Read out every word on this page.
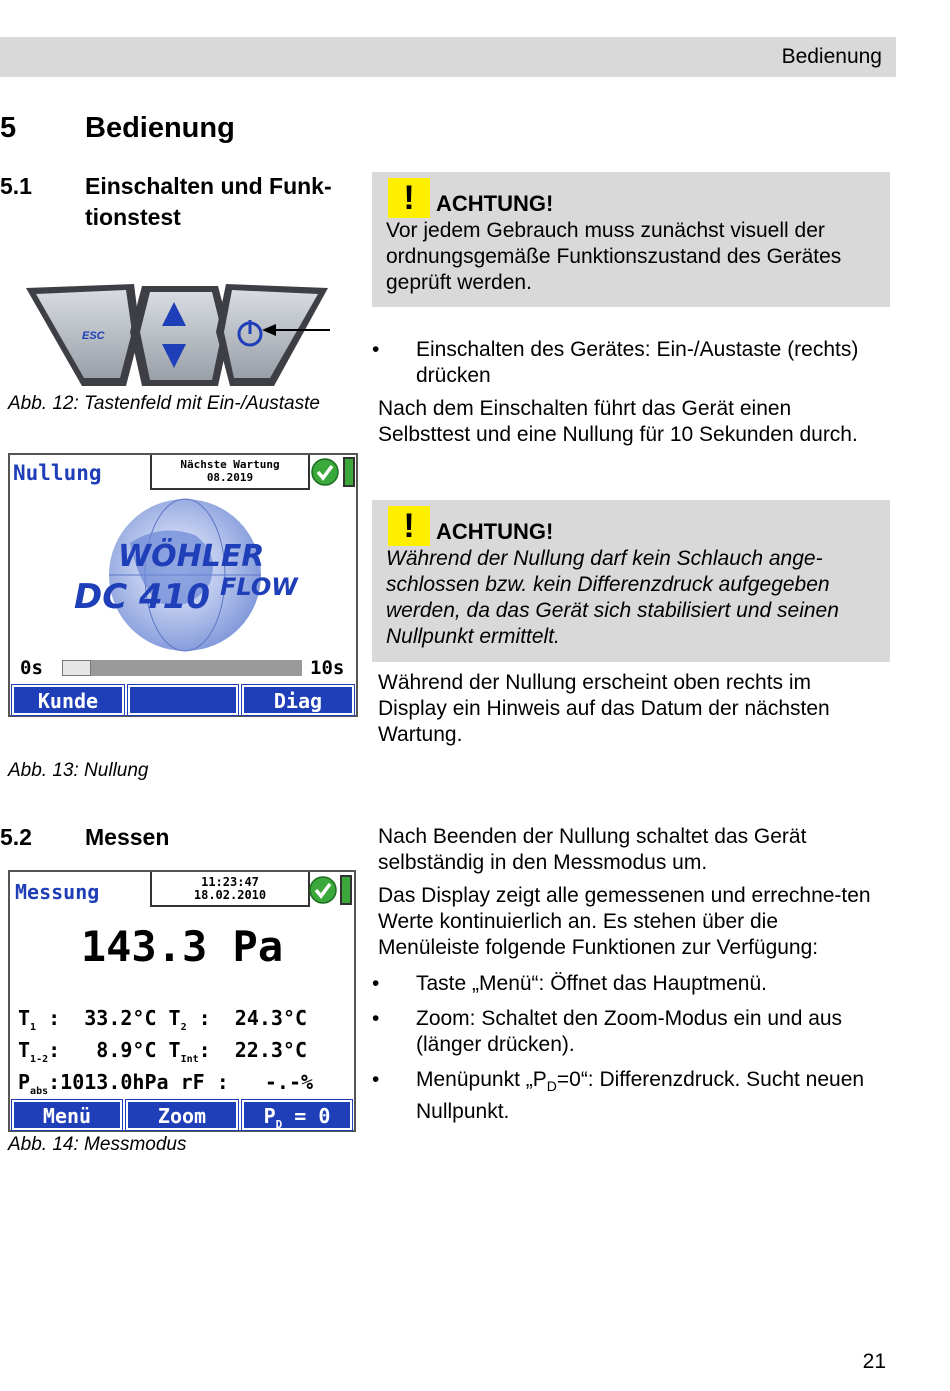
Bedienung
5 Bedienung
5.1 Einschalten und Funk-
tionstest	! ACHTUNG!
Vor jedem Gebrauch muss zunächst visuell der ordnungsgemäße Funktionszustand des Gerätes geprüft werden.
ESC
Abb. 12: Tastenfeld mit Ein-/Austaste
• Einschalten des Gerätes: Ein-/Austaste (rechts) drücken
Nach dem Einschalten führt das Gerät einen Selbsttest und eine Nullung für 10 Sekunden durch.
Nullung	Nächste Wartung
08.2019
WÖHLER
DC 410 FLOW
0s	10s
Kunde	Diag
! ACHTUNG!
Während der Nullung darf kein Schlauch ange-schlossen bzw. kein Differenzdruck aufgegeben werden, da das Gerät sich stabilisiert und seinen Nullpunkt ermittelt.
Während der Nullung erscheint oben rechts im Display ein Hinweis auf das Datum der nächsten Wartung.
Abb. 13: Nullung
5.2 Messen	Nach Beenden der Nullung schaltet das Gerät selbständig in den Messmodus um.
Das Display zeigt alle gemessenen und errechne-ten Werte kontinuierlich an. Es stehen über die Menüleiste folgende Funktionen zur Verfügung:
• Taste „Menü“: Öffnet das Hauptmenü.
• Zoom: Schaltet den Zoom-Modus ein und aus (länger drücken).
• Menüpunkt $„P_D=0“$: Differenzdruck. Sucht neuen Nullpunkt.
Messung	11:23:47
18.02.2010
143.3 Pa
$T_1$ :  33.2°C $T_2$ :  24.3°C
$T_{1-2}$:   8.9°C $T_{Int}$:  22.3°C
$P_{abs}:1013.0hPa$ rF :   -.-%
Menü	Zoom	$P_D = 0$
Abb. 14: Messmodus
21
